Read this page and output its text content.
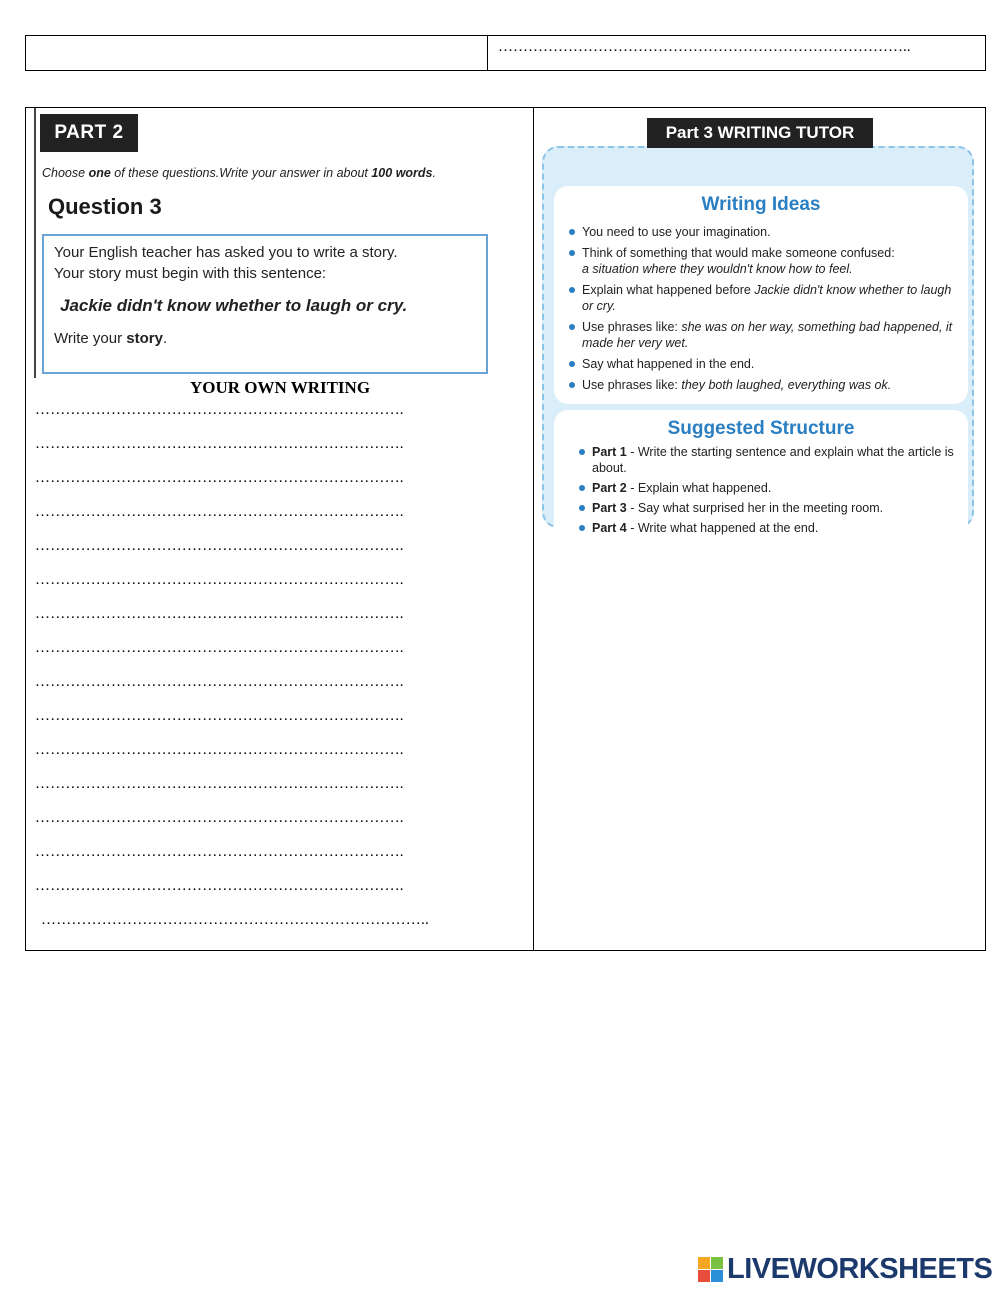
………………………………………………………………………..
PART 2
Choose one of these questions.Write your answer in about 100 words.
Question 3
Your English teacher has asked you to write a story.
Your story must begin with this sentence:
Jackie didn't know whether to laugh or cry.
Write your story.
YOUR OWN WRITING
……………………………………………………………….
……………………………………………………………….
……………………………………………………………….
……………………………………………………………….
……………………………………………………………….
……………………………………………………………….
……………………………………………………………….
……………………………………………………………….
……………………………………………………………….
……………………………………………………………….
……………………………………………………………….
……………………………………………………………….
……………………………………………………………….
……………………………………………………………….
……………………………………………………………….
…………………………………………………………………..
Writing Ideas
You need to use your imagination.
Think of something that would make someone confused:
a situation where they wouldn't know how to feel.
Explain what happened before Jackie didn't know whether to laugh or cry.
Use phrases like: she was on her way, something bad happened, it made her very wet.
Say what happened in the end.
Use phrases like: they both laughed, everything was ok.
Suggested Structure
Part 1 - Write the starting sentence and explain what the article is about.
Part 2 - Explain what happened.
Part 3 - Say what surprised her in the meeting room.
Part 4 - Write what happened at the end.
Part 3 WRITING TUTOR
LIVEWORKSHEETS
